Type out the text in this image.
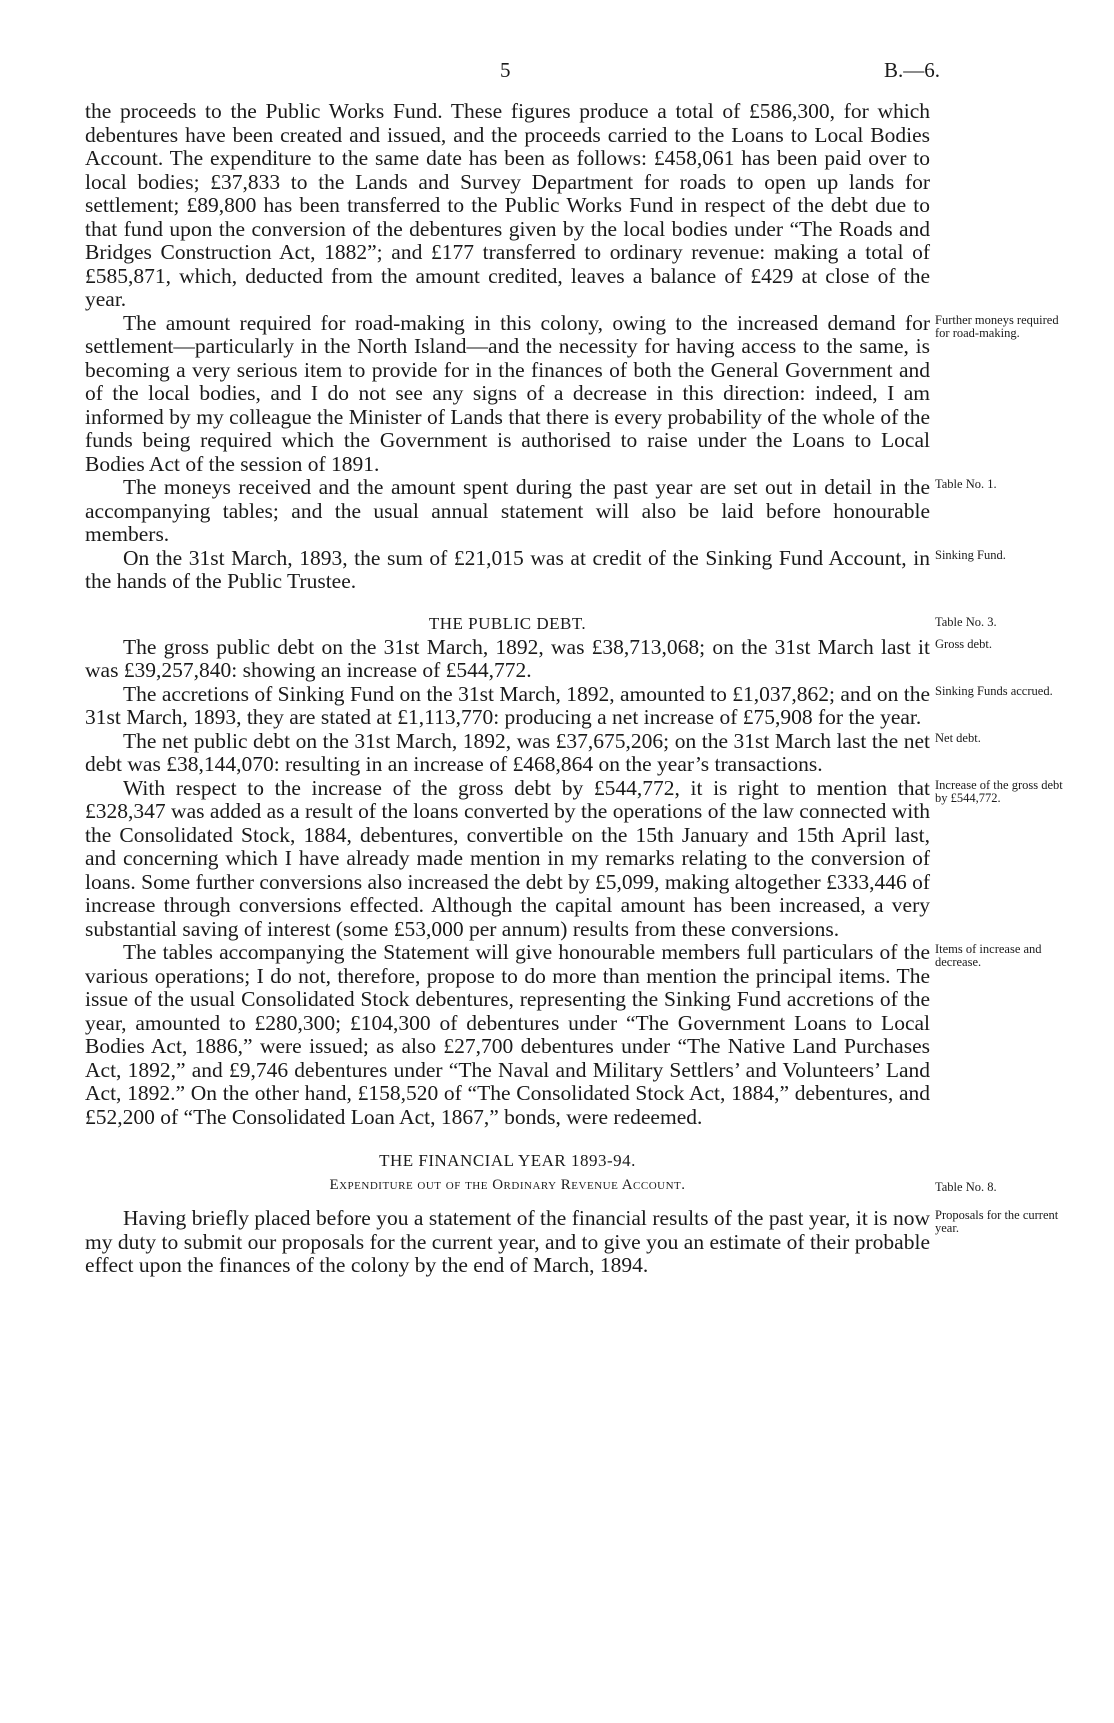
5	B.—6.

the proceeds to the Public Works Fund. These figures produce a total of £586,300, for which debentures have been created and issued, and the proceeds carried to the Loans to Local Bodies Account. The expenditure to the same date has been as follows: £458,061 has been paid over to local bodies; £37,833 to the Lands and Survey Department for roads to open up lands for settlement; £89,800 has been transferred to the Public Works Fund in respect of the debt due to that fund upon the conversion of the debentures given by the local bodies under “The Roads and Bridges Construction Act, 1882”; and £177 transferred to ordinary revenue: making a total of £585,871, which, deducted from the amount credited, leaves a balance of £429 at close of the year.

The amount required for road-making in this colony, owing to the increased demand for settlement—particularly in the North Island—and the necessity for having access to the same, is becoming a very serious item to provide for in the finances of both the General Government and of the local bodies, and I do not see any signs of a decrease in this direction: indeed, I am informed by my colleague the Minister of Lands that there is every probability of the whole of the funds being required which the Government is authorised to raise under the Loans to Local Bodies Act of the session of 1891.

Further moneys required for road-making.

The moneys received and the amount spent during the past year are set out in detail in the accompanying tables; and the usual annual statement will also be laid before honourable members.

Table No. 1.

On the 31st March, 1893, the sum of £21,015 was at credit of the Sinking Fund Account, in the hands of the Public Trustee.

Sinking Fund.

THE PUBLIC DEBT.	Table No. 3.

The gross public debt on the 31st March, 1892, was £38,713,068; on the 31st March last it was £39,257,840: showing an increase of £544,772.

Gross debt.

The accretions of Sinking Fund on the 31st March, 1892, amounted to £1,037,862; and on the 31st March, 1893, they are stated at £1,113,770: producing a net increase of £75,908 for the year.

Sinking Funds accrued.

The net public debt on the 31st March, 1892, was £37,675,206; on the 31st March last the net debt was £38,144,070: resulting in an increase of £468,864 on the year’s transactions.

Net debt.

With respect to the increase of the gross debt by £544,772, it is right to mention that £328,347 was added as a result of the loans converted by the operations of the law connected with the Consolidated Stock, 1884, debentures, convertible on the 15th January and 15th April last, and concerning which I have already made mention in my remarks relating to the conversion of loans. Some further conversions also increased the debt by £5,099, making altogether £333,446 of increase through conversions effected. Although the capital amount has been increased, a very substantial saving of interest (some £53,000 per annum) results from these conversions.

Increase of the gross debt by £544,772.

The tables accompanying the Statement will give honourable members full particulars of the various operations; I do not, therefore, propose to do more than mention the principal items. The issue of the usual Consolidated Stock debentures, representing the Sinking Fund accretions of the year, amounted to £280,300; £104,300 of debentures under “The Government Loans to Local Bodies Act, 1886,” were issued; as also £27,700 debentures under “The Native Land Purchases Act, 1892,” and £9,746 debentures under “The Naval and Military Settlers’ and Volunteers’ Land Act, 1892.” On the other hand, £158,520 of “The Consolidated Stock Act, 1884,” debentures, and £52,200 of “The Consolidated Loan Act, 1867,” bonds, were redeemed.

Items of increase and decrease.

THE FINANCIAL YEAR 1893-94.

Expenditure out of the Ordinary Revenue Account.	Table No. 8.

Having briefly placed before you a statement of the financial results of the past year, it is now my duty to submit our proposals for the current year, and to give you an estimate of their probable effect upon the finances of the colony by the end of March, 1894.

Proposals for the current year.
